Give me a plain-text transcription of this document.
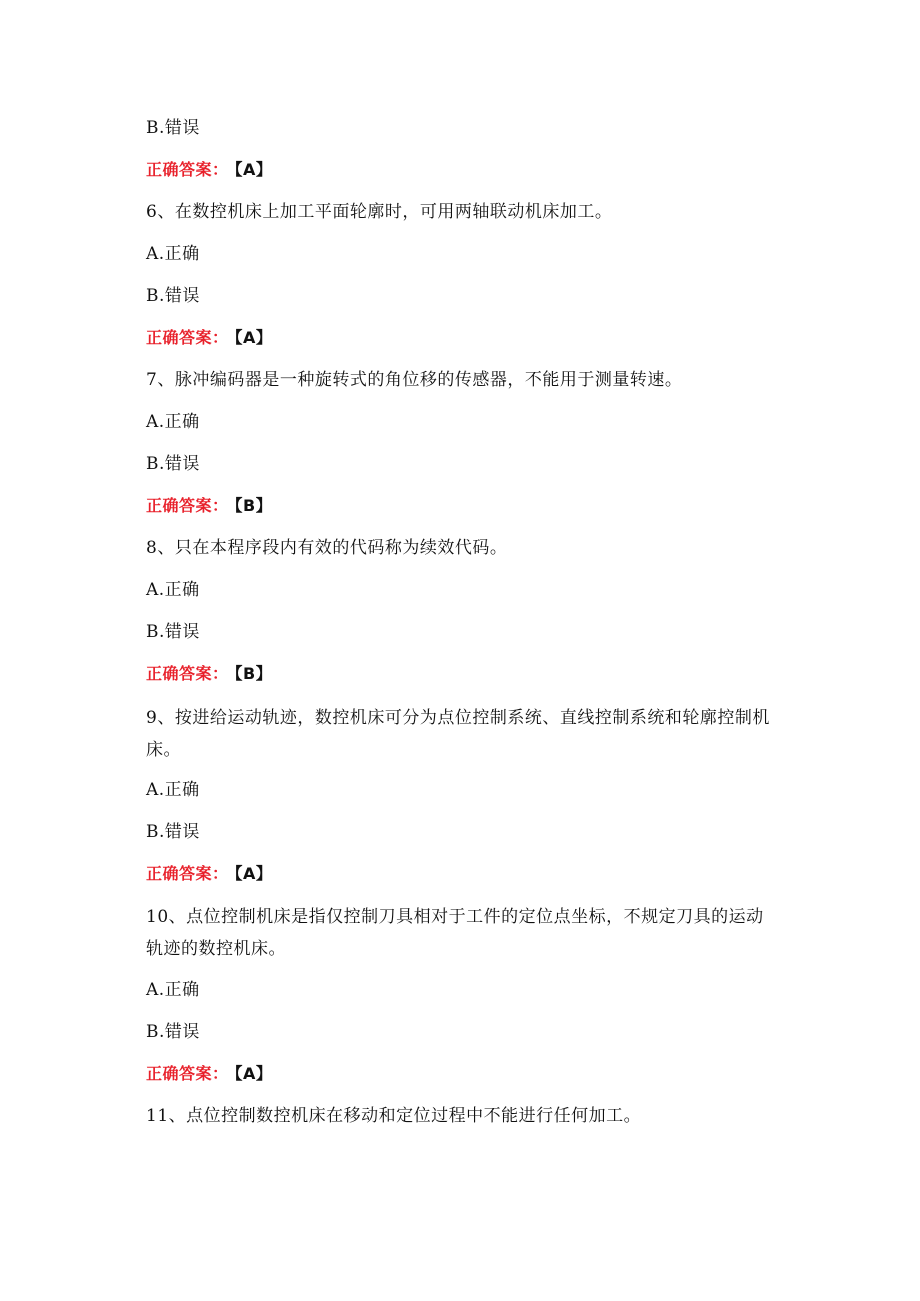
B.错误
正确答案： 【A】
6、在数控机床上加工平面轮廓时，可用两轴联动机床加工。
A.正确
B.错误
正确答案： 【A】
7、脉冲编码器是一种旋转式的角位移的传感器，不能用于测量转速。
A.正确
B.错误
正确答案： 【B】
8、只在本程序段内有效的代码称为续效代码。
A.正确
B.错误
正确答案： 【B】
9、按进给运动轨迹，数控机床可分为点位控制系统、直线控制系统和轮廓控制机床。
A.正确
B.错误
正确答案： 【A】
10、点位控制机床是指仅控制刀具相对于工件的定位点坐标，不规定刀具的运动轨迹的数控机床。
A.正确
B.错误
正确答案： 【A】
11、点位控制数控机床在移动和定位过程中不能进行任何加工。
